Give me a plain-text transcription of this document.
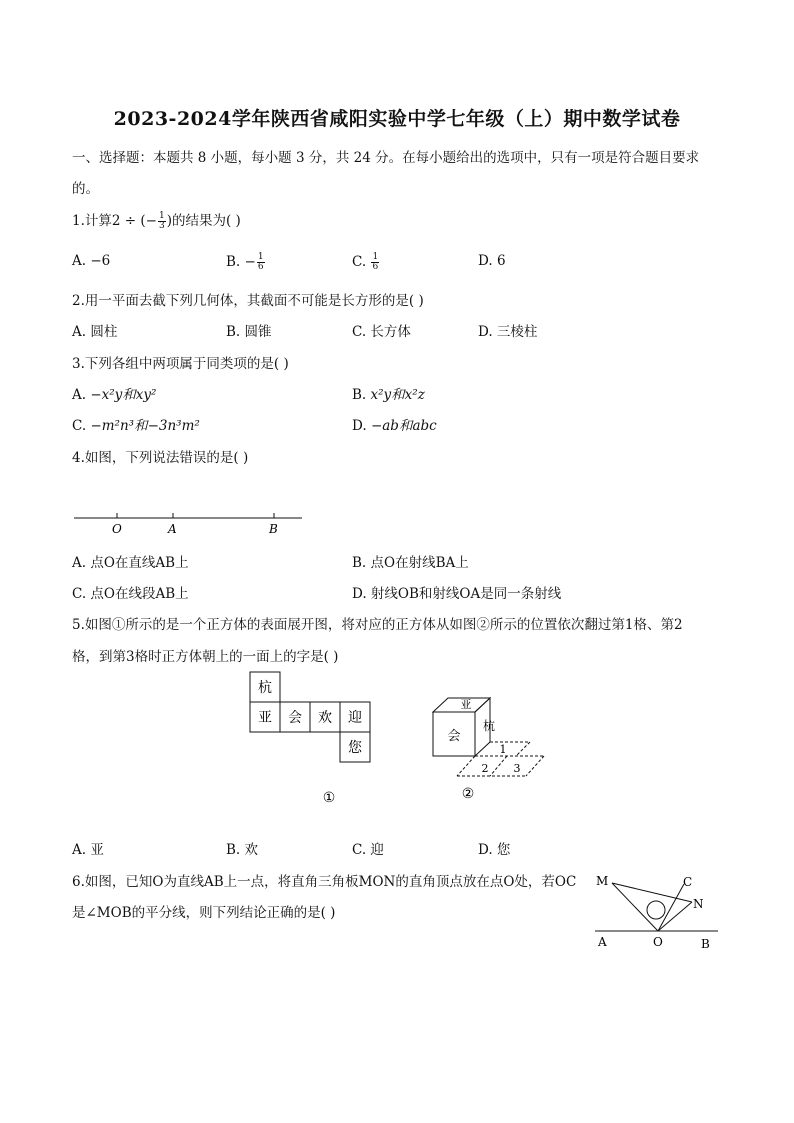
2023-2024学年陕西省咸阳实验中学七年级（上）期中数学试卷
一、选择题：本题共 8 小题，每小题 3 分，共 24 分。在每小题给出的选项中，只有一项是符合题目要求
的。
1.计算2 ÷ (− $\frac{1}{3}$ )的结果为( )
A. −6	B. − $\frac{1}{6}$	C. $\frac{1}{6}$	D. 6
2.用一平面去截下列几何体，其截面不可能是长方形的是( )
A. 圆柱	B. 圆锥	C. 长方体	D. 三棱柱
3.下列各组中两项属于同类项的是( )
A. −x²y和xy²	B. x²y和x²z
C. −m²n³和−3n³m²	D. −ab和abc
4.如图，下列说法错误的是( )
O	A	B
A. 点O在直线AB上	B. 点O在射线BA上
C. 点O在线段AB上	D. 射线OB和射线OA是同一条射线
5.如图①所示的是一个正方体的表面展开图，将对应的正方体从如图②所示的位置依次翻过第1格、第2
格，到第3格时正方体朝上的一面上的字是( )
杭
亚 会 欢 迎
您
①
亚
会
杭
1
2 3
②
A. 亚	B. 欢	C. 迎	D. 您
6.如图，已知O为直线AB上一点，将直角三角板MON的直角顶点放在点O处，若OC
是∠MOB的平分线，则下列结论正确的是( )
M	C
N
A	O	B
